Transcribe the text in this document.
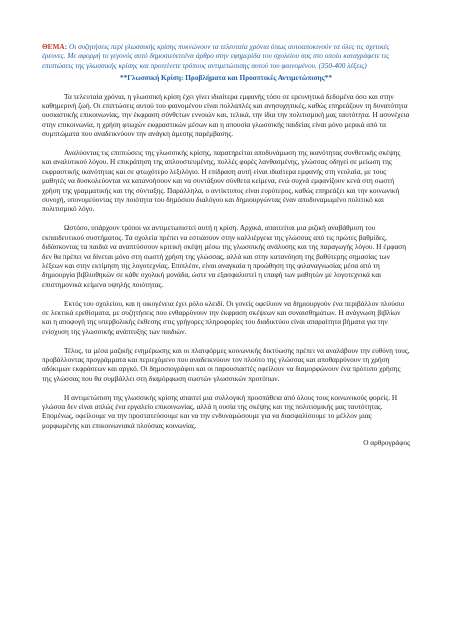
ΘΕΜΑ: Οι συζητήσεις περί γλωσσικής κρίσης πυκνώνουν τα τελευταία χρόνια όπως αυτοαποκινούν τα όλες τις σχετικές έρευνες. Με αφορμή το γεγονός αυτό δημοσιεύετεένα άρθρο στην εφημερίδα του σχολείου σας στο οποίο καταγράφετε τις επιπτώσεις της γλωσσικής κρίσης και προτείνετε τρόπους αντιμετώπισης αυτού του φαινομένου. (350-400 λέξεις)

**Γλωσσική Κρίση: Προβλήματα και Προοπτικές Αντιμετώπισης**

Τα τελευταία χρόνια, η γλωσσική κρίση έχει γίνει ιδιαίτερα εμφανής τόσο σε ερευνητικά δεδομένα όσο και στην καθημερινή ζωή. Οι επιπτώσεις αυτού του φαινομένου είναι πολλαπλές και ανησυχητικές, καθώς επηρεάζουν τη δυνατότητα ουσιαστικής επικοινωνίας, την έκφραση σύνθετων εννοιών και, τελικά, την ίδια την πολιτισμική μας ταυτότητα. Η ασυνέχεια στην επικοινωνία, η χρήση φτωχών εκφραστικών μέσων και η απουσία γλωσσικής παιδείας είναι μόνο μερικά από τα συμπτώματα που αναδεικνύουν την ανάγκη άμεσης παρέμβασης.

Αναλύοντας τις επιπτώσεις της γλωσσικής κρίσης, παρατηρείται αποδυνάμωση της ικανότητας συνθετικής σκέψης και αναλυτικού λόγου. Η επικράτηση της απλουστευμένης, πολλές φορές λανθασμένης, γλώσσας οδηγεί σε μείωση της εκφραστικής ικανότητας και σε φτωχότερο λεξιλόγιο. Η επίδραση αυτή είναι ιδιαίτερα εμφανής στη νεολαία, με τους μαθητές να δυσκολεύονται να κατανοήσουν και να συντάξουν σύνθετα κείμενα, ενώ συχνά εμφανίζουν κενά στη σωστή χρήση της γραμματικής και της σύνταξης. Παράλληλα, ο αντίκτυπος είναι ευρύτερος, καθώς επηρεάζει και την κοινωνική συνοχή, υπονομεύοντας την ποιότητα του δημόσιου διαλόγου και δημιουργώντας έναν αποδυναμωμένο πολιτικό και πολιτισμικό λόγο.

Ωστόσο, υπάρχουν τρόποι να αντιμετωπιστεί αυτή η κρίση. Αρχικά, απαιτείται μια ριζική αναβάθμιση του εκπαιδευτικού συστήματος. Τα σχολεία πρέπει να εστιάσουν στην καλλιέργεια της γλώσσας από τις πρώτες βαθμίδες, διδάσκοντας τα παιδιά να αναπτύσσουν κριτική σκέψη μέσω της γλωσσικής ανάλυσης και της παραγωγής λόγου. Η έμφαση δεν θα πρέπει να δίνεται μόνο στη σωστή χρήση της γλώσσας, αλλά και στην κατανόηση της βαθύτερης σημασίας των λέξεων και στην εκτίμηση της λογοτεχνίας. Επιπλέον, είναι αναγκαία η προώθηση της φιλαναγνωσίας μέσα από τη δημιουργία βιβλιοθηκών σε κάθε σχολική μονάδα, ώστε να εξασφαλιστεί η επαφή των μαθητών με λογοτεχνικά και επιστημονικά κείμενα υψηλής ποιότητας.

Εκτός του σχολείου, και η οικογένεια έχει ρόλο κλειδί. Οι γονείς οφείλουν να δημιουργούν ένα περιβάλλον πλούσιο σε λεκτικά ερεθίσματα, με συζητήσεις που ενθαρρύνουν την έκφραση σκέψεων και συναισθημάτων. Η ανάγνωση βιβλίων και η αποφυγή της υπερβολικής έκθεσης στις γρήγορες πληροφορίες του διαδικτύου είναι απαραίτητα βήματα για την ενίσχυση της γλωσσικής ανάπτυξης των παιδιών.

Τέλος, τα μέσα μαζικής ενημέρωσης και οι πλατφόρμες κοινωνικής δικτύωσης πρέπει να αναλάβουν την ευθύνη τους, προβάλλοντας προγράμματα και περιεχόμενο που αναδεικνύουν τον πλούτο της γλώσσας και αποθαρρύνουν τη χρήση αδόκιμων εκφράσεων και αργκό. Οι δημοσιογράφοι και οι παρουσιαστές οφείλουν να διαμορφώνουν ένα πρότυπο χρήσης της γλώσσας που θα συμβάλλει στη διαμόρφωση σωστών γλωσσικών προτύπων.

Η αντιμετώπιση της γλωσσικής κρίσης απαιτεί μια συλλογική προσπάθεια από όλους τους κοινωνικούς φορείς. Η γλώσσα δεν είναι απλώς ένα εργαλείο επικοινωνίας, αλλά η ουσία της σκέψης και της πολιτισμικής μας ταυτότητας. Επομένως, οφείλουμε να την προστατεύσουμε και να την ενδυναμώσουμε για να διασφαλίσουμε το μέλλον μιας μορφωμένης και επικοινωνιακά πλούσιας κοινωνίας.

Ο αρθρογράφος
